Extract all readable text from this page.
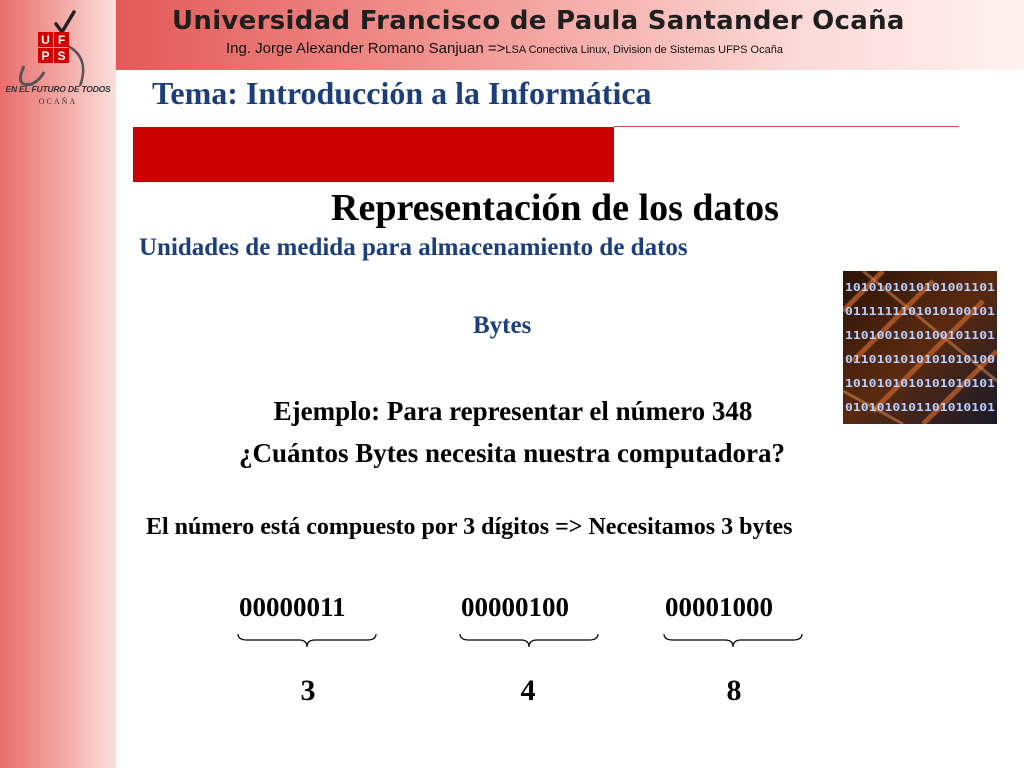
Universidad Francisco de Paula Santander Ocaña
Ing. Jorge Alexander Romano Sanjuan =>LSA Conectiva Linux, Division de Sistemas UFPS Ocaña
U F
P S
EN EL FUTURO DE TODOS
OCAÑA	Tema: Introducción a la Informática
Representación de los datos
Unidades de medida para almacenamiento de datos
Bytes
1010101010101001101
0111111101010100101
1101001010100101101
0110101010101010100
1010101010101010101
0101010101101010101
Ejemplo: Para representar el número 348
¿Cuántos Bytes necesita nuestra computadora?
El número está compuesto por 3 dígitos => Necesitamos 3 bytes
00000011	00000100	00001000
3	4	8
